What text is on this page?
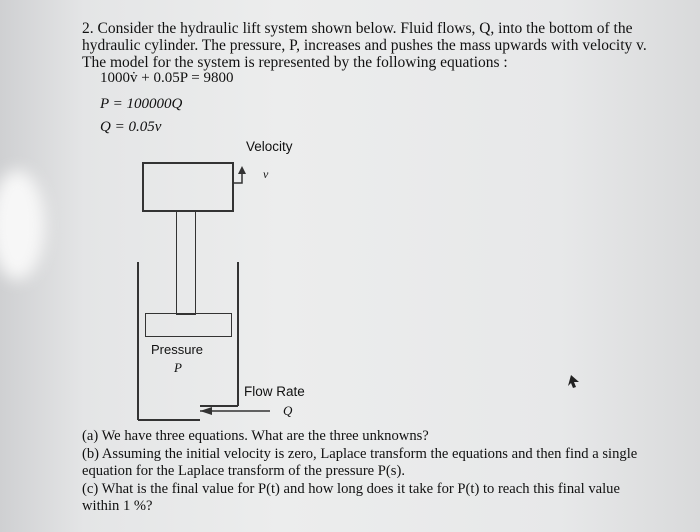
2. Consider the hydraulic lift system shown below. Fluid flows, Q, into the bottom of the
hydraulic cylinder. The pressure, P, increases and pushes the mass upwards with velocity v.
The model for the system is represented by the following equations :
1000v̇ + 0.05P = 9800
P = 100000Q
Q = 0.05v
Velocity
v
Pressure
P
Flow Rate
Q
(a) We have three equations. What are the three unknowns?
(b) Assuming the initial velocity is zero, Laplace transform the equations and then find a single
equation for the Laplace transform of the pressure P(s).
(c) What is the final value for P(t) and how long does it take for P(t) to reach this final value
within 1 %?
